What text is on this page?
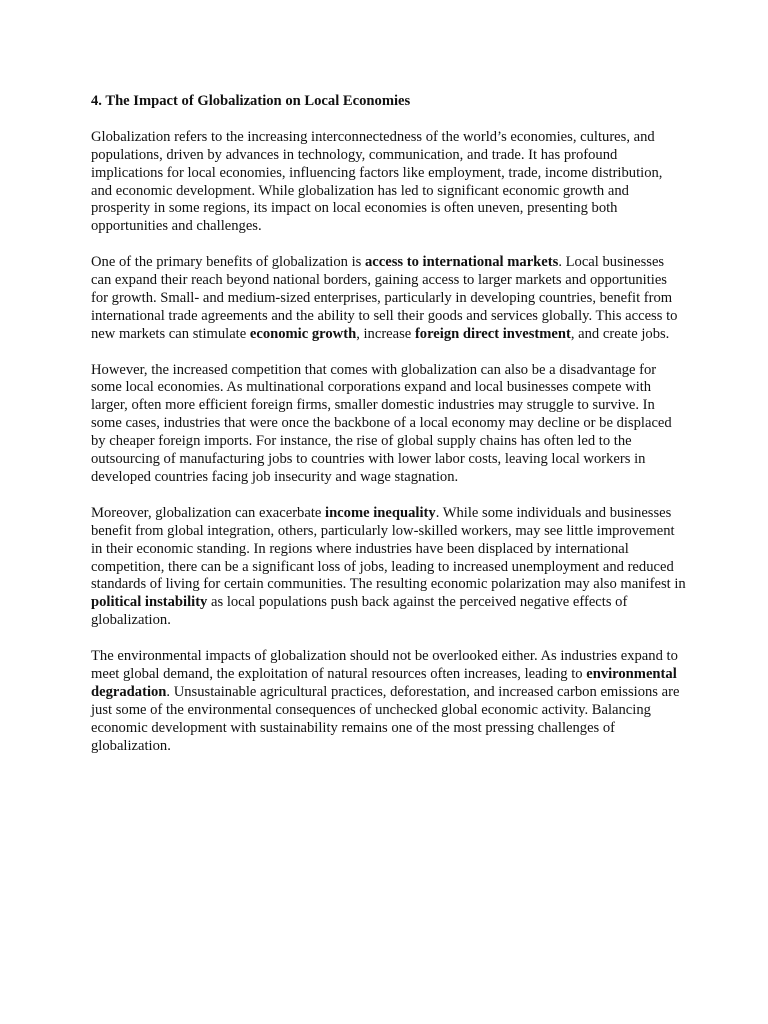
4. The Impact of Globalization on Local Economies

Globalization refers to the increasing interconnectedness of the world’s economies, cultures, and populations, driven by advances in technology, communication, and trade. It has profound implications for local economies, influencing factors like employment, trade, income distribution, and economic development. While globalization has led to significant economic growth and prosperity in some regions, its impact on local economies is often uneven, presenting both opportunities and challenges.

One of the primary benefits of globalization is access to international markets. Local businesses can expand their reach beyond national borders, gaining access to larger markets and opportunities for growth. Small- and medium-sized enterprises, particularly in developing countries, benefit from international trade agreements and the ability to sell their goods and services globally. This access to new markets can stimulate economic growth, increase foreign direct investment, and create jobs.

However, the increased competition that comes with globalization can also be a disadvantage for some local economies. As multinational corporations expand and local businesses compete with larger, often more efficient foreign firms, smaller domestic industries may struggle to survive. In some cases, industries that were once the backbone of a local economy may decline or be displaced by cheaper foreign imports. For instance, the rise of global supply chains has often led to the outsourcing of manufacturing jobs to countries with lower labor costs, leaving local workers in developed countries facing job insecurity and wage stagnation.

Moreover, globalization can exacerbate income inequality. While some individuals and businesses benefit from global integration, others, particularly low-skilled workers, may see little improvement in their economic standing. In regions where industries have been displaced by international competition, there can be a significant loss of jobs, leading to increased unemployment and reduced standards of living for certain communities. The resulting economic polarization may also manifest in political instability as local populations push back against the perceived negative effects of globalization.

The environmental impacts of globalization should not be overlooked either. As industries expand to meet global demand, the exploitation of natural resources often increases, leading to environmental degradation. Unsustainable agricultural practices, deforestation, and increased carbon emissions are just some of the environmental consequences of unchecked global economic activity. Balancing economic development with sustainability remains one of the most pressing challenges of globalization.
